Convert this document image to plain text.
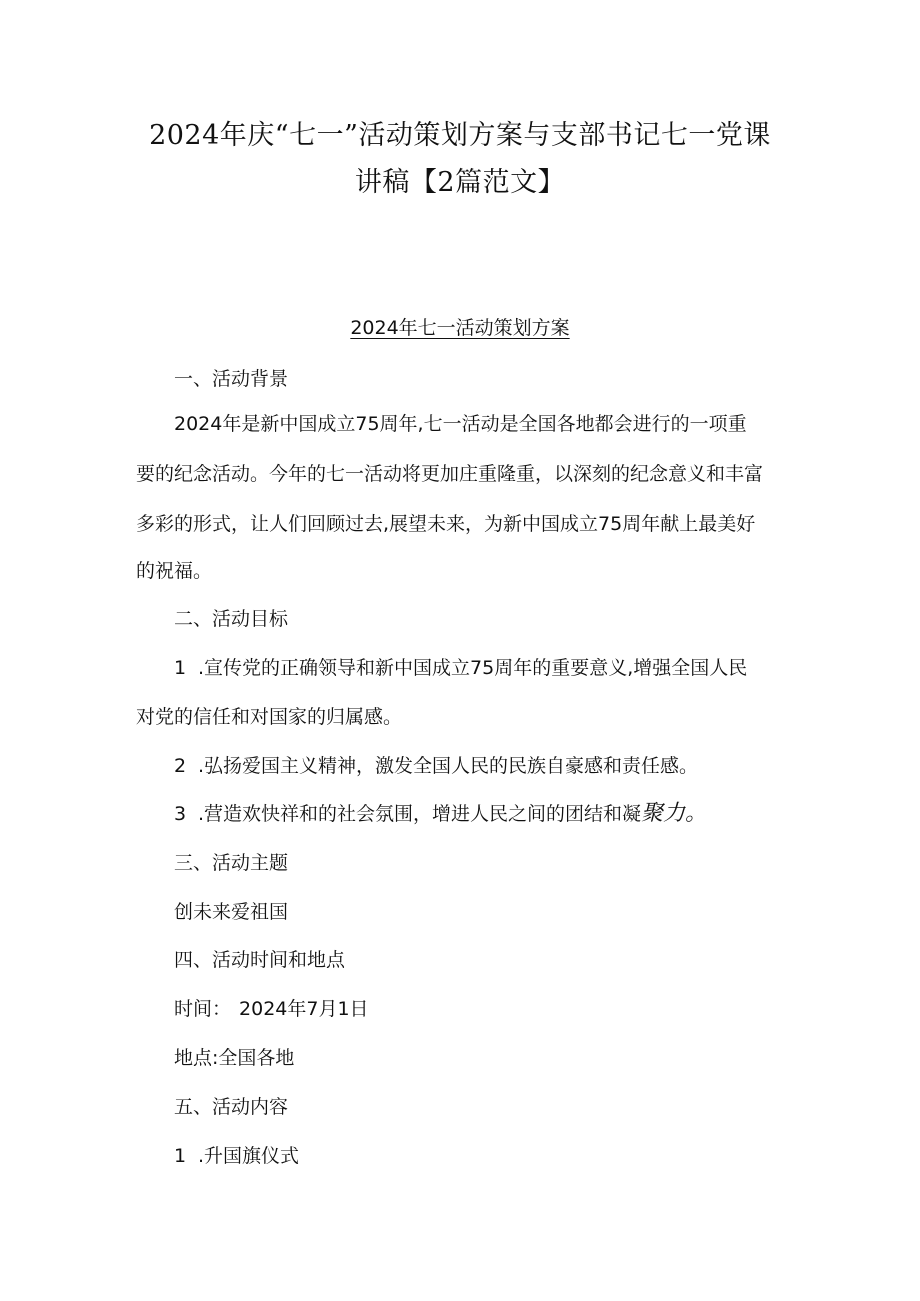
2024年庆“七一”活动策划方案与支部书记七一党课
讲稿【2篇范文】
2024年七一活动策划方案

一、活动背景

2024年是新中国成立75周年,七一活动是全国各地都会进行的一项重

要的纪念活动。今年的七一活动将更加庄重隆重，以深刻的纪念意义和丰富

多彩的形式，让人们回顾过去,展望未来，为新中国成立75周年献上最美好

的祝福。

二、活动目标

1 .宣传党的正确领导和新中国成立75周年的重要意义,增强全国人民

对党的信任和对国家的归属感。

2 .弘扬爱国主义精神，激发全国人民的民族自豪感和责任感。

3 .营造欢快祥和的社会氛围，增进人民之间的团结和凝聚力。

三、活动主题

创未来爱祖国

四、活动时间和地点

时间： 2024年7月1日

地点:全国各地

五、活动内容

1 .升国旗仪式
